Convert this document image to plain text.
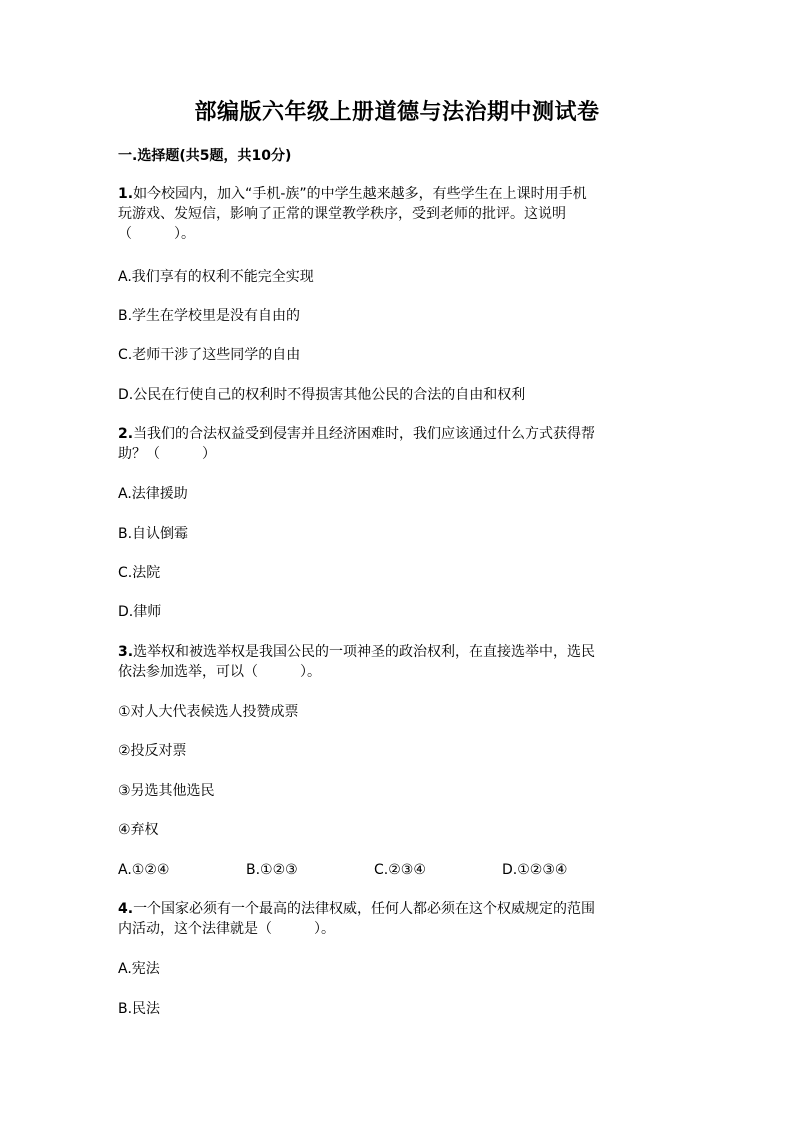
部编版六年级上册道德与法治期中测试卷
一.选择题(共5题，共10分)
1.如今校园内，加入“手机-族”的中学生越来越多，有些学生在上课时用手机
玩游戏、发短信，影响了正常的课堂教学秩序，受到老师的批评。这说明
（　　　）。
A.我们享有的权利不能完全实现
B.学生在学校里是没有自由的
C.老师干涉了这些同学的自由
D.公民在行使自己的权利时不得损害其他公民的合法的自由和权利
2.当我们的合法权益受到侵害并且经济困难时，我们应该通过什么方式获得帮
助？（　　　）
A.法律援助
B.自认倒霉
C.法院
D.律师
3.选举权和被选举权是我国公民的一项神圣的政治权利，在直接选举中，选民
依法参加选举，可以（　　　）。
①对人大代表候选人投赞成票
②投反对票
③另选其他选民
④弃权
A.①②④	B.①②③	C.②③④	D.①②③④
4.一个国家必须有一个最高的法律权威，任何人都必须在这个权威规定的范围
内活动，这个法律就是（　　　）。
A.宪法
B.民法
